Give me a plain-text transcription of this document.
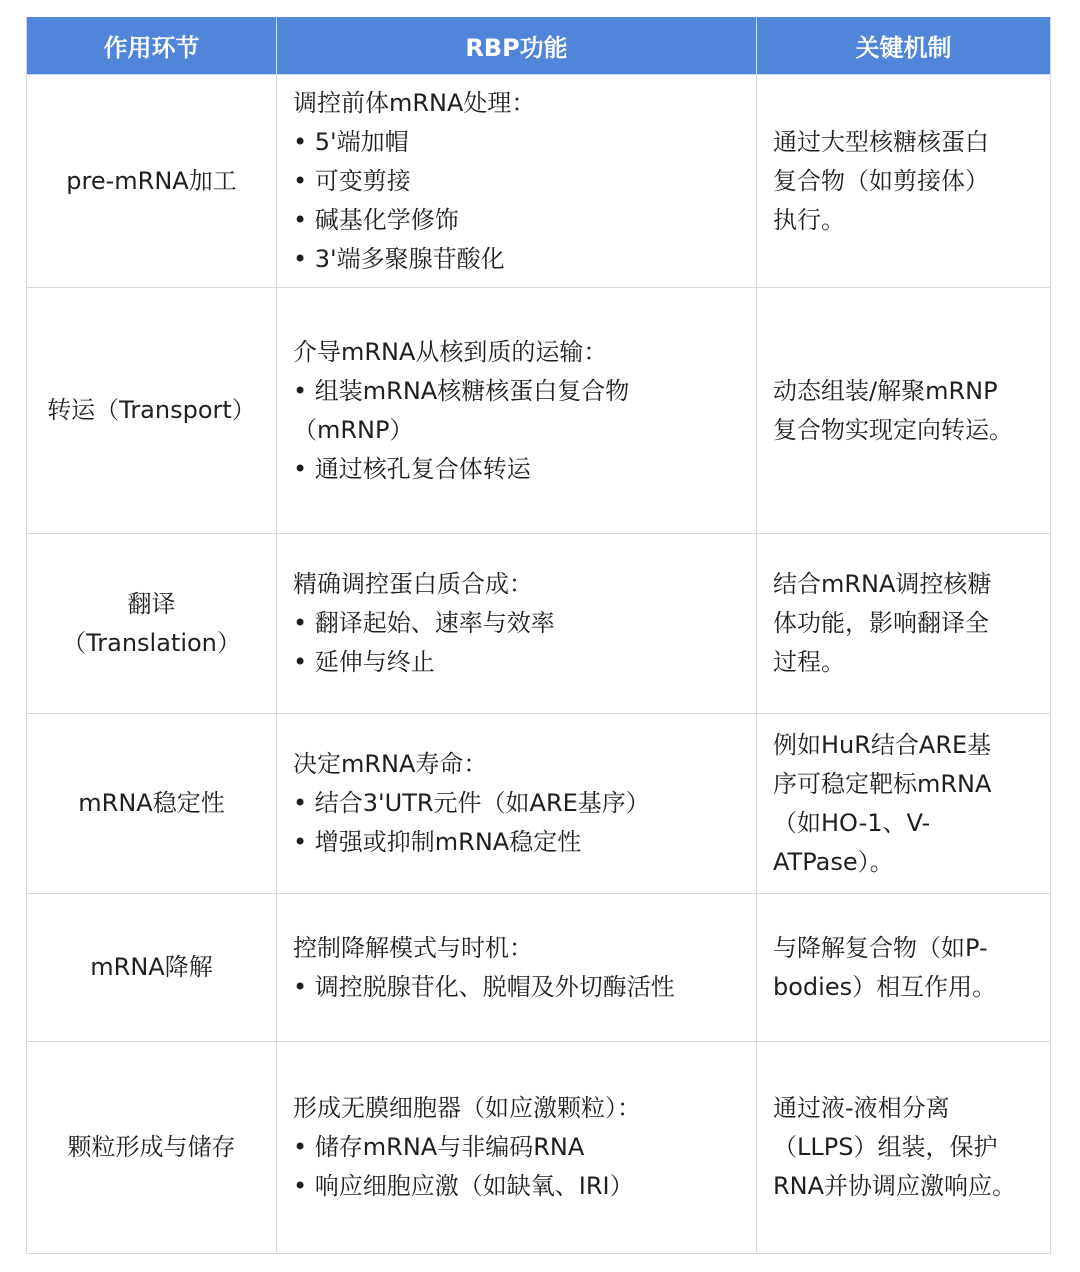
作用环节	RBP功能	关键机制

pre-mRNA加工	调控前体mRNA处理：
• 5'端加帽
• 可变剪接
• 碱基化学修饰
• 3'端多聚腺苷酸化	通过大型核糖核蛋白
复合物（如剪接体）
执行。

转运（Transport）	介导mRNA从核到质的运输：
• 组装mRNA核糖核蛋白复合物
（mRNP）
• 通过核孔复合体转运	动态组装/解聚mRNP
复合物实现定向转运。

翻译
（Translation）	精确调控蛋白质合成：
• 翻译起始、速率与效率
• 延伸与终止	结合mRNA调控核糖
体功能，影响翻译全
过程。

mRNA稳定性	决定mRNA寿命：
• 结合3'UTR元件（如ARE基序）
• 增强或抑制mRNA稳定性	例如HuR结合ARE基
序可稳定靶标mRNA
（如HO-1、V-
ATPase）。

mRNA降解	控制降解模式与时机：
• 调控脱腺苷化、脱帽及外切酶活性	与降解复合物（如P-
bodies）相互作用。

颗粒形成与储存	形成无膜细胞器（如应激颗粒）：
• 储存mRNA与非编码RNA
• 响应细胞应激（如缺氧、IRI）	通过液-液相分离
（LLPS）组装，保护
RNA并协调应激响应。
